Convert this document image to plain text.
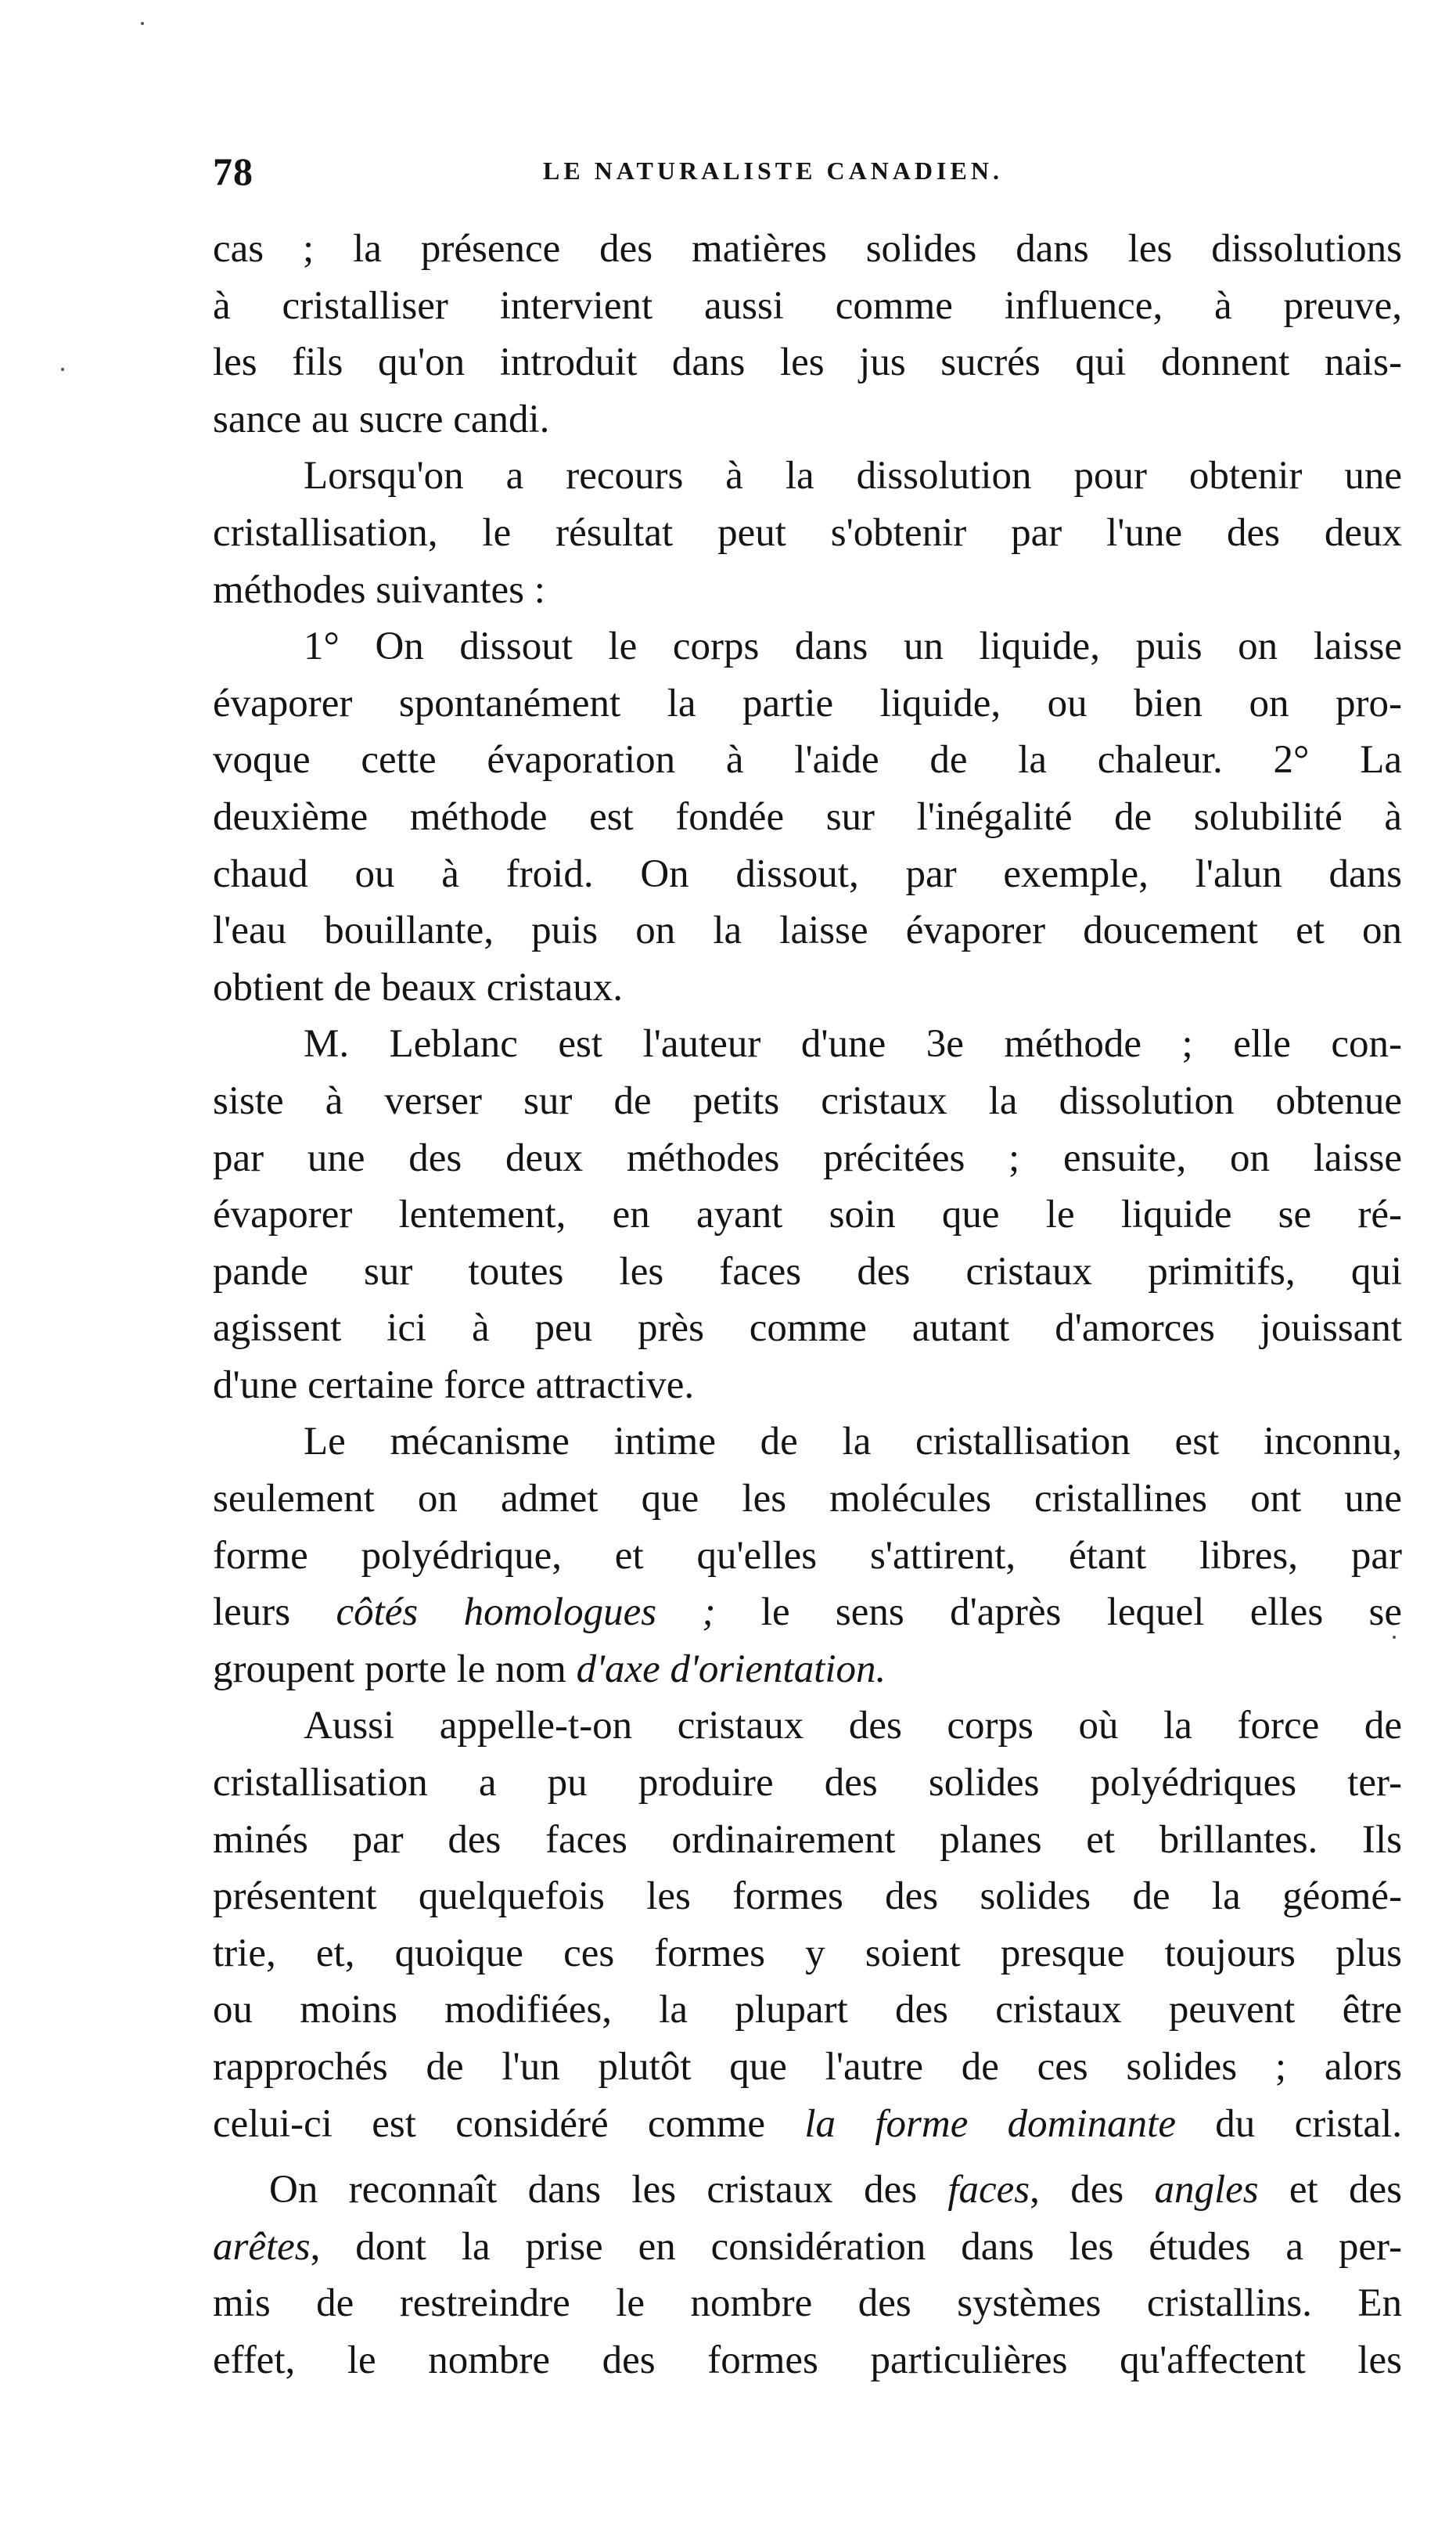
78	LE NATURALISTE CANADIEN.
cas ; la présence des matières solides dans les dissolutions
à cristalliser intervient aussi comme influence, à preuve,
les fils qu'on introduit dans les jus sucrés qui donnent nais-
sance au sucre candi.
Lorsqu'on a recours à la dissolution pour obtenir une
cristallisation, le résultat peut s'obtenir par l'une des deux
méthodes suivantes :
1° On dissout le corps dans un liquide, puis on laisse
évaporer spontanément la partie liquide, ou bien on pro-
voque cette évaporation à l'aide de la chaleur. 2° La
deuxième méthode est fondée sur l'inégalité de solubilité à
chaud ou à froid. On dissout, par exemple, l'alun dans
l'eau bouillante, puis on la laisse évaporer doucement et on
obtient de beaux cristaux.
M. Leblanc est l'auteur d'une 3e méthode ; elle con-
siste à verser sur de petits cristaux la dissolution obtenue
par une des deux méthodes précitées ; ensuite, on laisse
évaporer lentement, en ayant soin que le liquide se ré-
pande sur toutes les faces des cristaux primitifs, qui
agissent ici à peu près comme autant d'amorces jouissant
d'une certaine force attractive.
Le mécanisme intime de la cristallisation est inconnu,
seulement on admet que les molécules cristallines ont une
forme polyédrique, et qu'elles s'attirent, étant libres, par
leurs côtés homologues ; le sens d'après lequel elles se
groupent porte le nom d'axe d'orientation.
Aussi appelle-t-on cristaux des corps où la force de
cristallisation a pu produire des solides polyédriques ter-
minés par des faces ordinairement planes et brillantes. Ils
présentent quelquefois les formes des solides de la géomé-
trie, et, quoique ces formes y soient presque toujours plus
ou moins modifiées, la plupart des cristaux peuvent être
rapprochés de l'un plutôt que l'autre de ces solides ; alors
celui-ci est considéré comme la forme dominante du cristal.
On reconnaît dans les cristaux des faces, des angles et des
arêtes, dont la prise en considération dans les études a per-
mis de restreindre le nombre des systèmes cristallins. En
effet, le nombre des formes particulières qu'affectent les
